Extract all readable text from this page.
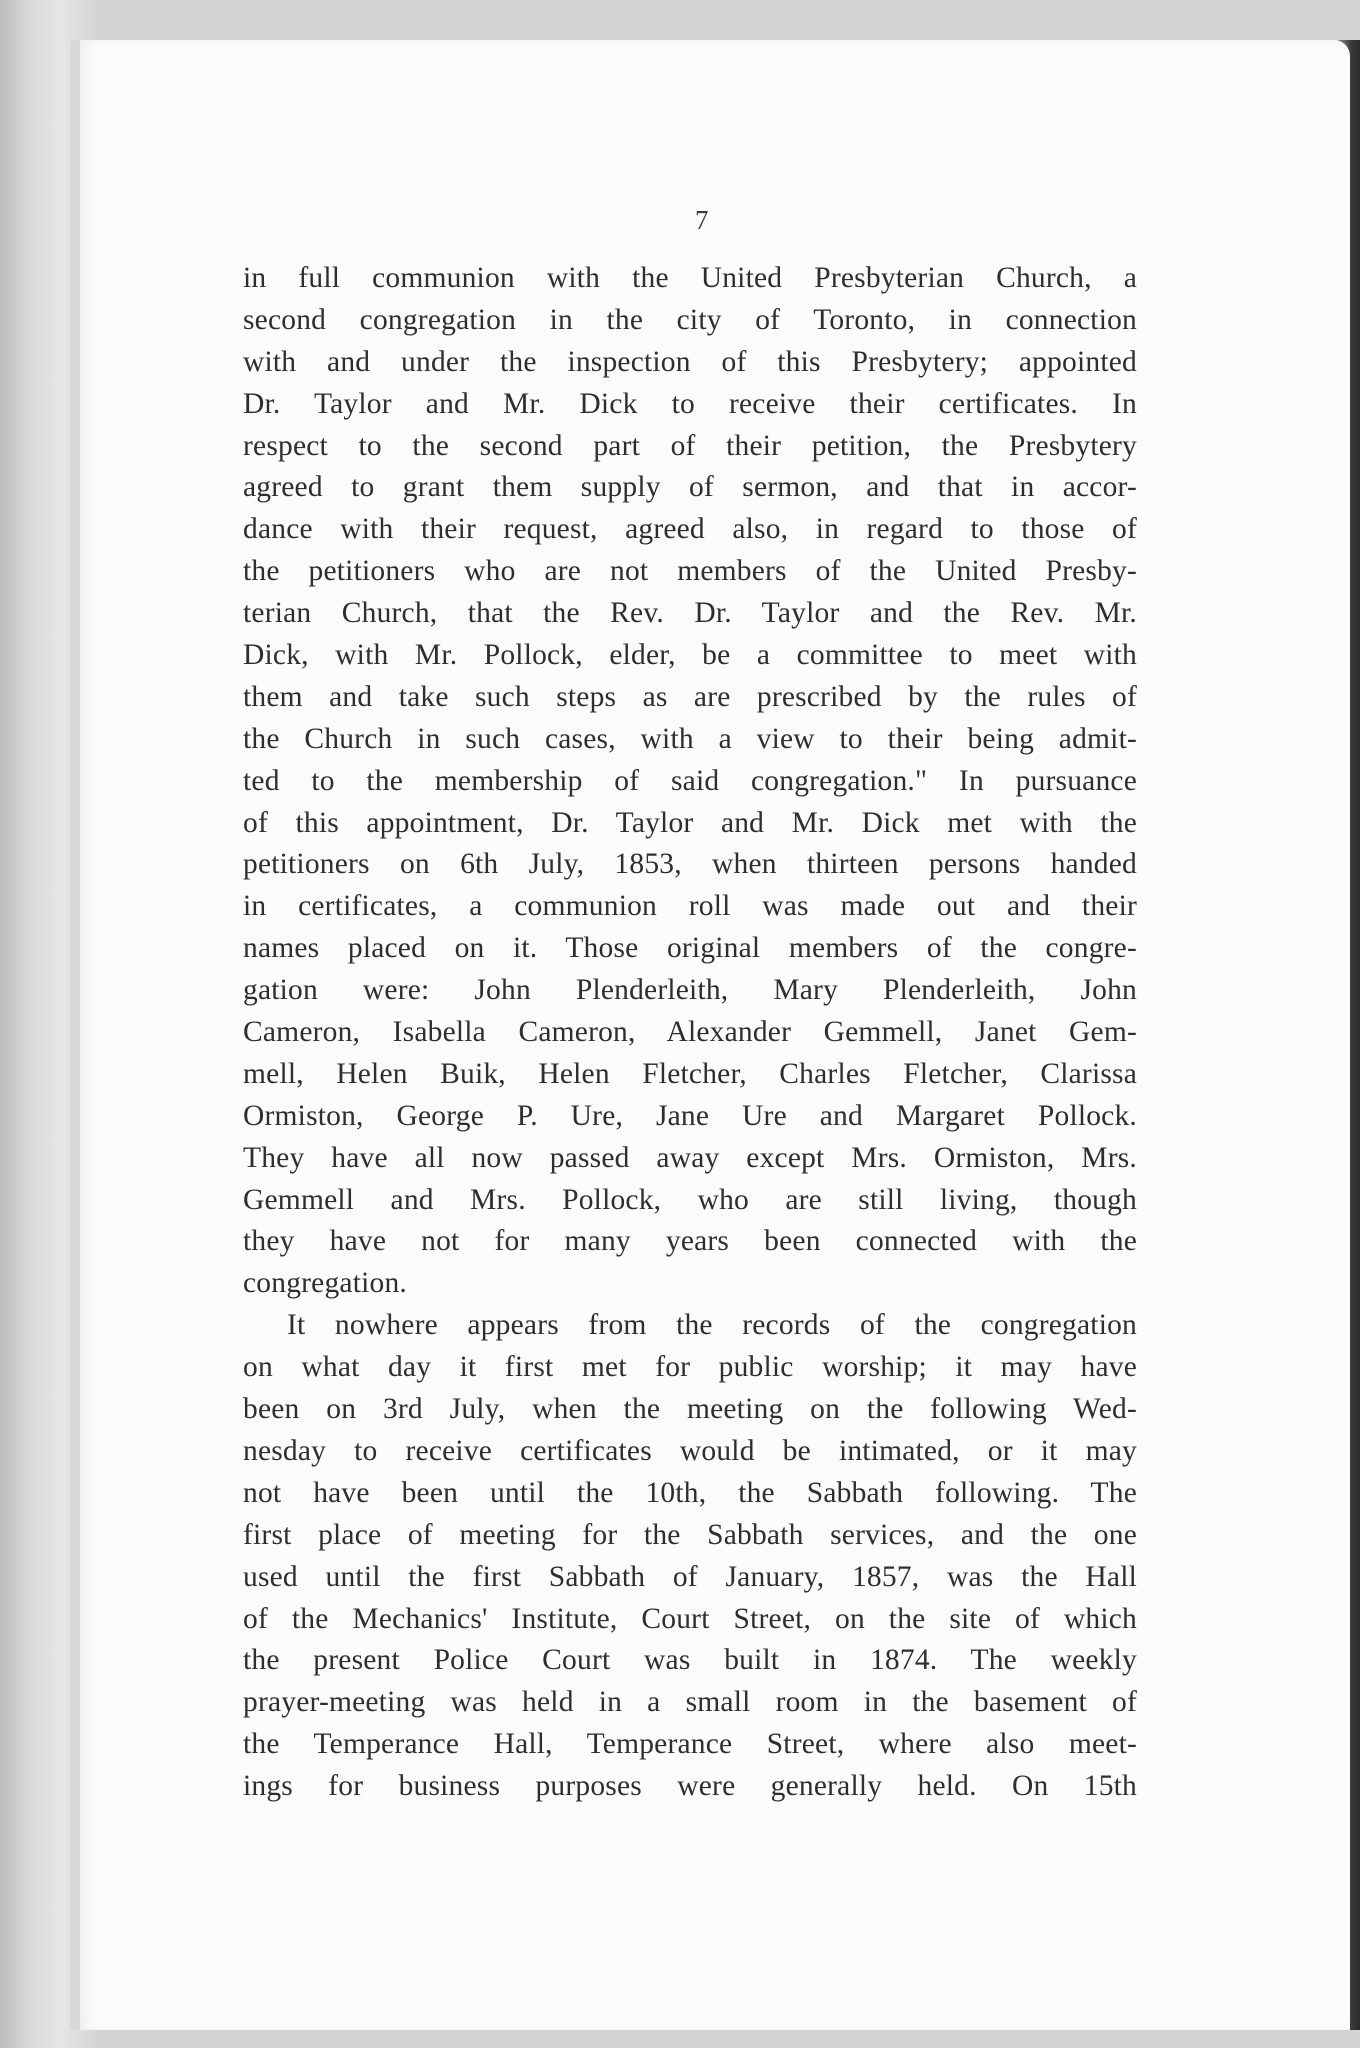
7
in full communion with the United Presbyterian Church, a
second congregation in the city of Toronto, in connection
with and under the inspection of this Presbytery; appointed
Dr. Taylor and Mr. Dick to receive their certificates. In
respect to the second part of their petition, the Presbytery
agreed to grant them supply of sermon, and that in accor-
dance with their request, agreed also, in regard to those of
the petitioners who are not members of the United Presby-
terian Church, that the Rev. Dr. Taylor and the Rev. Mr.
Dick, with Mr. Pollock, elder, be a committee to meet with
them and take such steps as are prescribed by the rules of
the Church in such cases, with a view to their being admit-
ted to the membership of said congregation." In pursuance
of this appointment, Dr. Taylor and Mr. Dick met with the
petitioners on 6th July, 1853, when thirteen persons handed
in certificates, a communion roll was made out and their
names placed on it. Those original members of the congre-
gation were: John Plenderleith, Mary Plenderleith, John
Cameron, Isabella Cameron, Alexander Gemmell, Janet Gem-
mell, Helen Buik, Helen Fletcher, Charles Fletcher, Clarissa
Ormiston, George P. Ure, Jane Ure and Margaret Pollock.
They have all now passed away except Mrs. Ormiston, Mrs.
Gemmell and Mrs. Pollock, who are still living, though
they have not for many years been connected with the
congregation.
It nowhere appears from the records of the congregation
on what day it first met for public worship; it may have
been on 3rd July, when the meeting on the following Wed-
nesday to receive certificates would be intimated, or it may
not have been until the 10th, the Sabbath following. The
first place of meeting for the Sabbath services, and the one
used until the first Sabbath of January, 1857, was the Hall
of the Mechanics' Institute, Court Street, on the site of which
the present Police Court was built in 1874. The weekly
prayer-meeting was held in a small room in the basement of
the Temperance Hall, Temperance Street, where also meet-
ings for business purposes were generally held. On 15th
